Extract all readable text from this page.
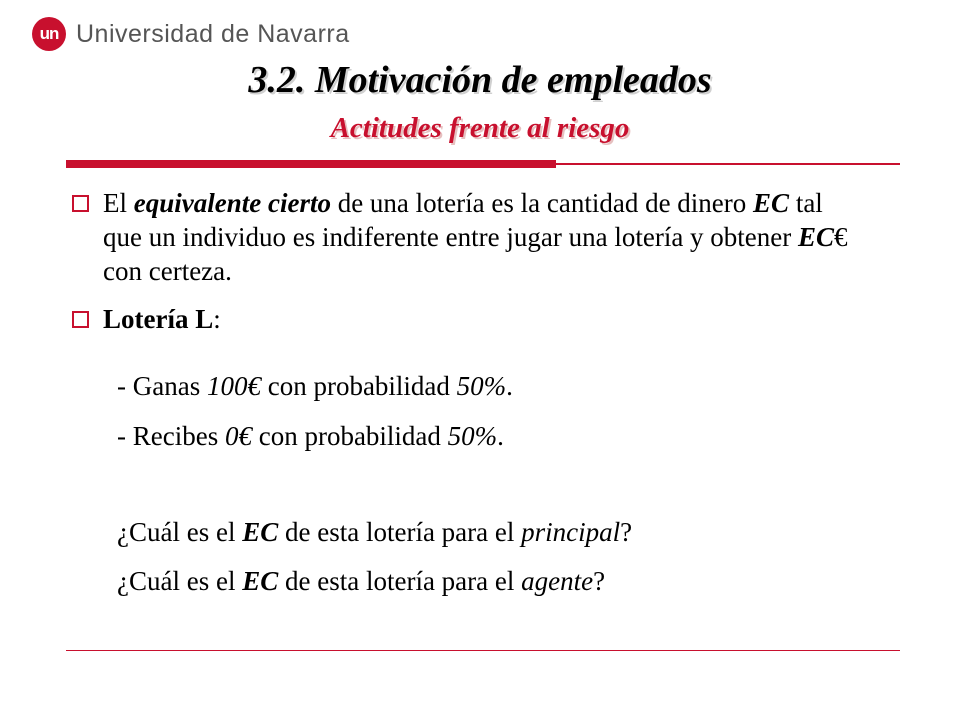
un Universidad de Navarra
3.2. Motivación de empleados
Actitudes frente al riesgo
El equivalente cierto de una lotería es la cantidad de dinero EC tal que un individuo es indiferente entre jugar una lotería y obtener EC€ con certeza.
Lotería L:
- Ganas 100€ con probabilidad 50%.
- Recibes 0€ con probabilidad 50%.
¿Cuál es el EC de esta lotería para el principal?
¿Cuál es el EC de esta lotería para el agente?
